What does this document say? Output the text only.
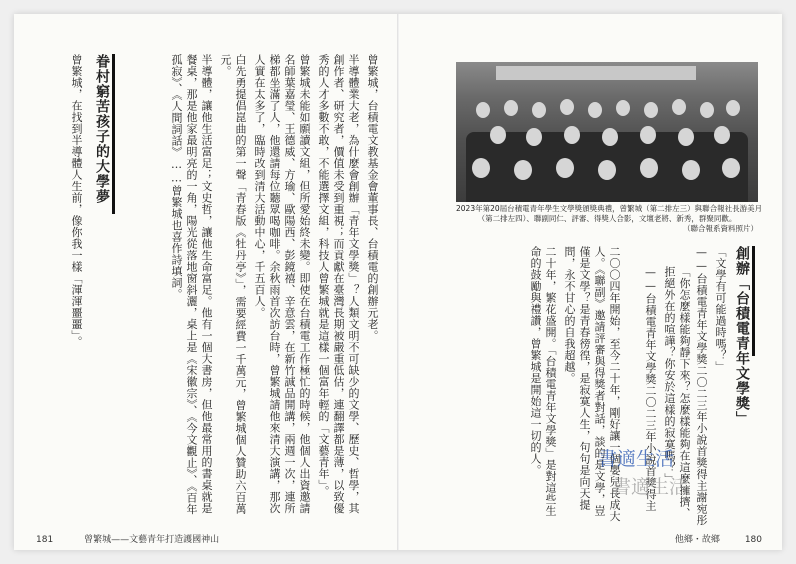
曾繁城，台積電文教基金會董事長、台積電的創辦元老。

半導體業大老，為什麼會創辦「青年文學獎」？人類文明不可缺少的文學、歷史、哲學，其創作者、研究者，價值未受到重視；而貢獻在臺灣長期被嚴重低估，連翻譯都是薄，以致優秀的人才多數不敢，不能選擇文組，科技人曾繁城就是這樣一個富年輕的「文藝青年」。

曾繁城未能如願讀文組，但所愛始終未變。即使在台積電工作極忙的時候，他個人出資邀請名師葉嘉瑩、王德威、方瑜、歐陽西、彭鏡禧、辛意雲，在新竹誠品開講，兩週一次，連所梯都坐滿了人，他還請每位聽眾喝咖啡。余秋雨首次訪台時，曾繁城請他來清大演講，那次人實在太多了，臨時改到清大活動中心，千五百人。

白先勇提倡崑曲的第一聲「青春版《牡丹亭》」，需要經費一千萬元，曾繁城個人贊助六百萬元。

半導體，讓他生活富足；文史哲，讓他生命富足。他有一個大書房，但他最常用的書桌就是餐桌，那是他家最明亮的一角，陽光從落地窗斜灑，桌上是《宋徽宗》、《今文觀止》、《百年孤寂》、《人間詞話》……曾繁城也喜作詩填詞。

眷村窮苦孩子的大學夢

曾繁城，在找到半導體人生前，像你我一樣「渾渾噩噩」。

181	曾繁城——文藝青年打造護國神山
2023年第20屆台積電青年學生文學獎頒獎典禮，曾繁城（第二排左三）與聯合報社長游美月
（第二排左四）、聯副同仁、評審、得獎人合影，文壇老將、新秀，群聚同歡。
（聯合報系資料照片）
創辦「台積電青年文學獎」

「文學有可能過時嗎？」

——台積電青年文學獎二〇二三年小說首獎得主謝宛彤

「你怎麼樣能夠靜下來？怎麼樣能夠在這麼擁擠、拒絕外在的喧譁？你安於這樣的寂寞嗎？」

——台積電青年文學獎二〇二三年小說首獎得主

二〇〇四年開始，至今二十年，剛好讓一個嬰兒長成大人。《聯副》邀請評審與得獎者對話，談的是文學，豈僅是文學？是青春徬徨，是寂寞人生，句句是向天提問，永不甘心的自我超越。

二十年，繁花盛開。「台積電青年文學獎」是對這些生命的鼓勵與禮讚，曾繁城是開始這一切的人。	書適生活
書適生活
他鄉・故鄉	180
